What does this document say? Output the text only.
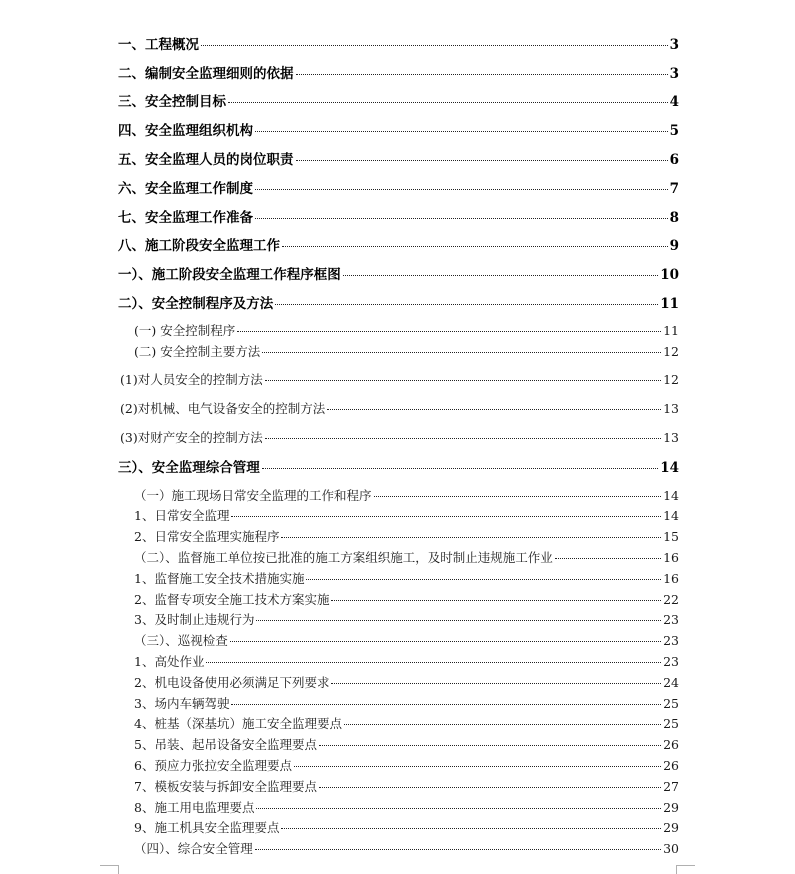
一、工程概况	3
二、编制安全监理细则的依据	3
三、安全控制目标	4
四、安全监理组织机构	5
五、安全监理人员的岗位职责	6
六、安全监理工作制度	7
七、安全监理工作准备	8
八、施工阶段安全监理工作	9
一）、施工阶段安全监理工作程序框图	10
二）、安全控制程序及方法	11
(一) 安全控制程序	11
(二) 安全控制主要方法	12
(1)对人员安全的控制方法	12
(2)对机械、电气设备安全的控制方法	13
(3)对财产安全的控制方法	13
三）、安全监理综合管理	14
（一）施工现场日常安全监理的工作和程序	14
1、日常安全监理	14
2、日常安全监理实施程序	15
（二）、监督施工单位按已批准的施工方案组织施工，及时制止违规施工作业	16
1、监督施工安全技术措施实施	16
2、监督专项安全施工技术方案实施	22
3、及时制止违规行为	23
（三）、巡视检查	23
1、高处作业	23
2、机电设备使用必须满足下列要求	24
3、场内车辆驾驶	25
4、桩基（深基坑）施工安全监理要点	25
5、吊装、起吊设备安全监理要点	26
6、预应力张拉安全监理要点	26
7、模板安装与拆卸安全监理要点	27
8、施工用电监理要点	29
9、施工机具安全监理要点	29
（四）、综合安全管理	30
